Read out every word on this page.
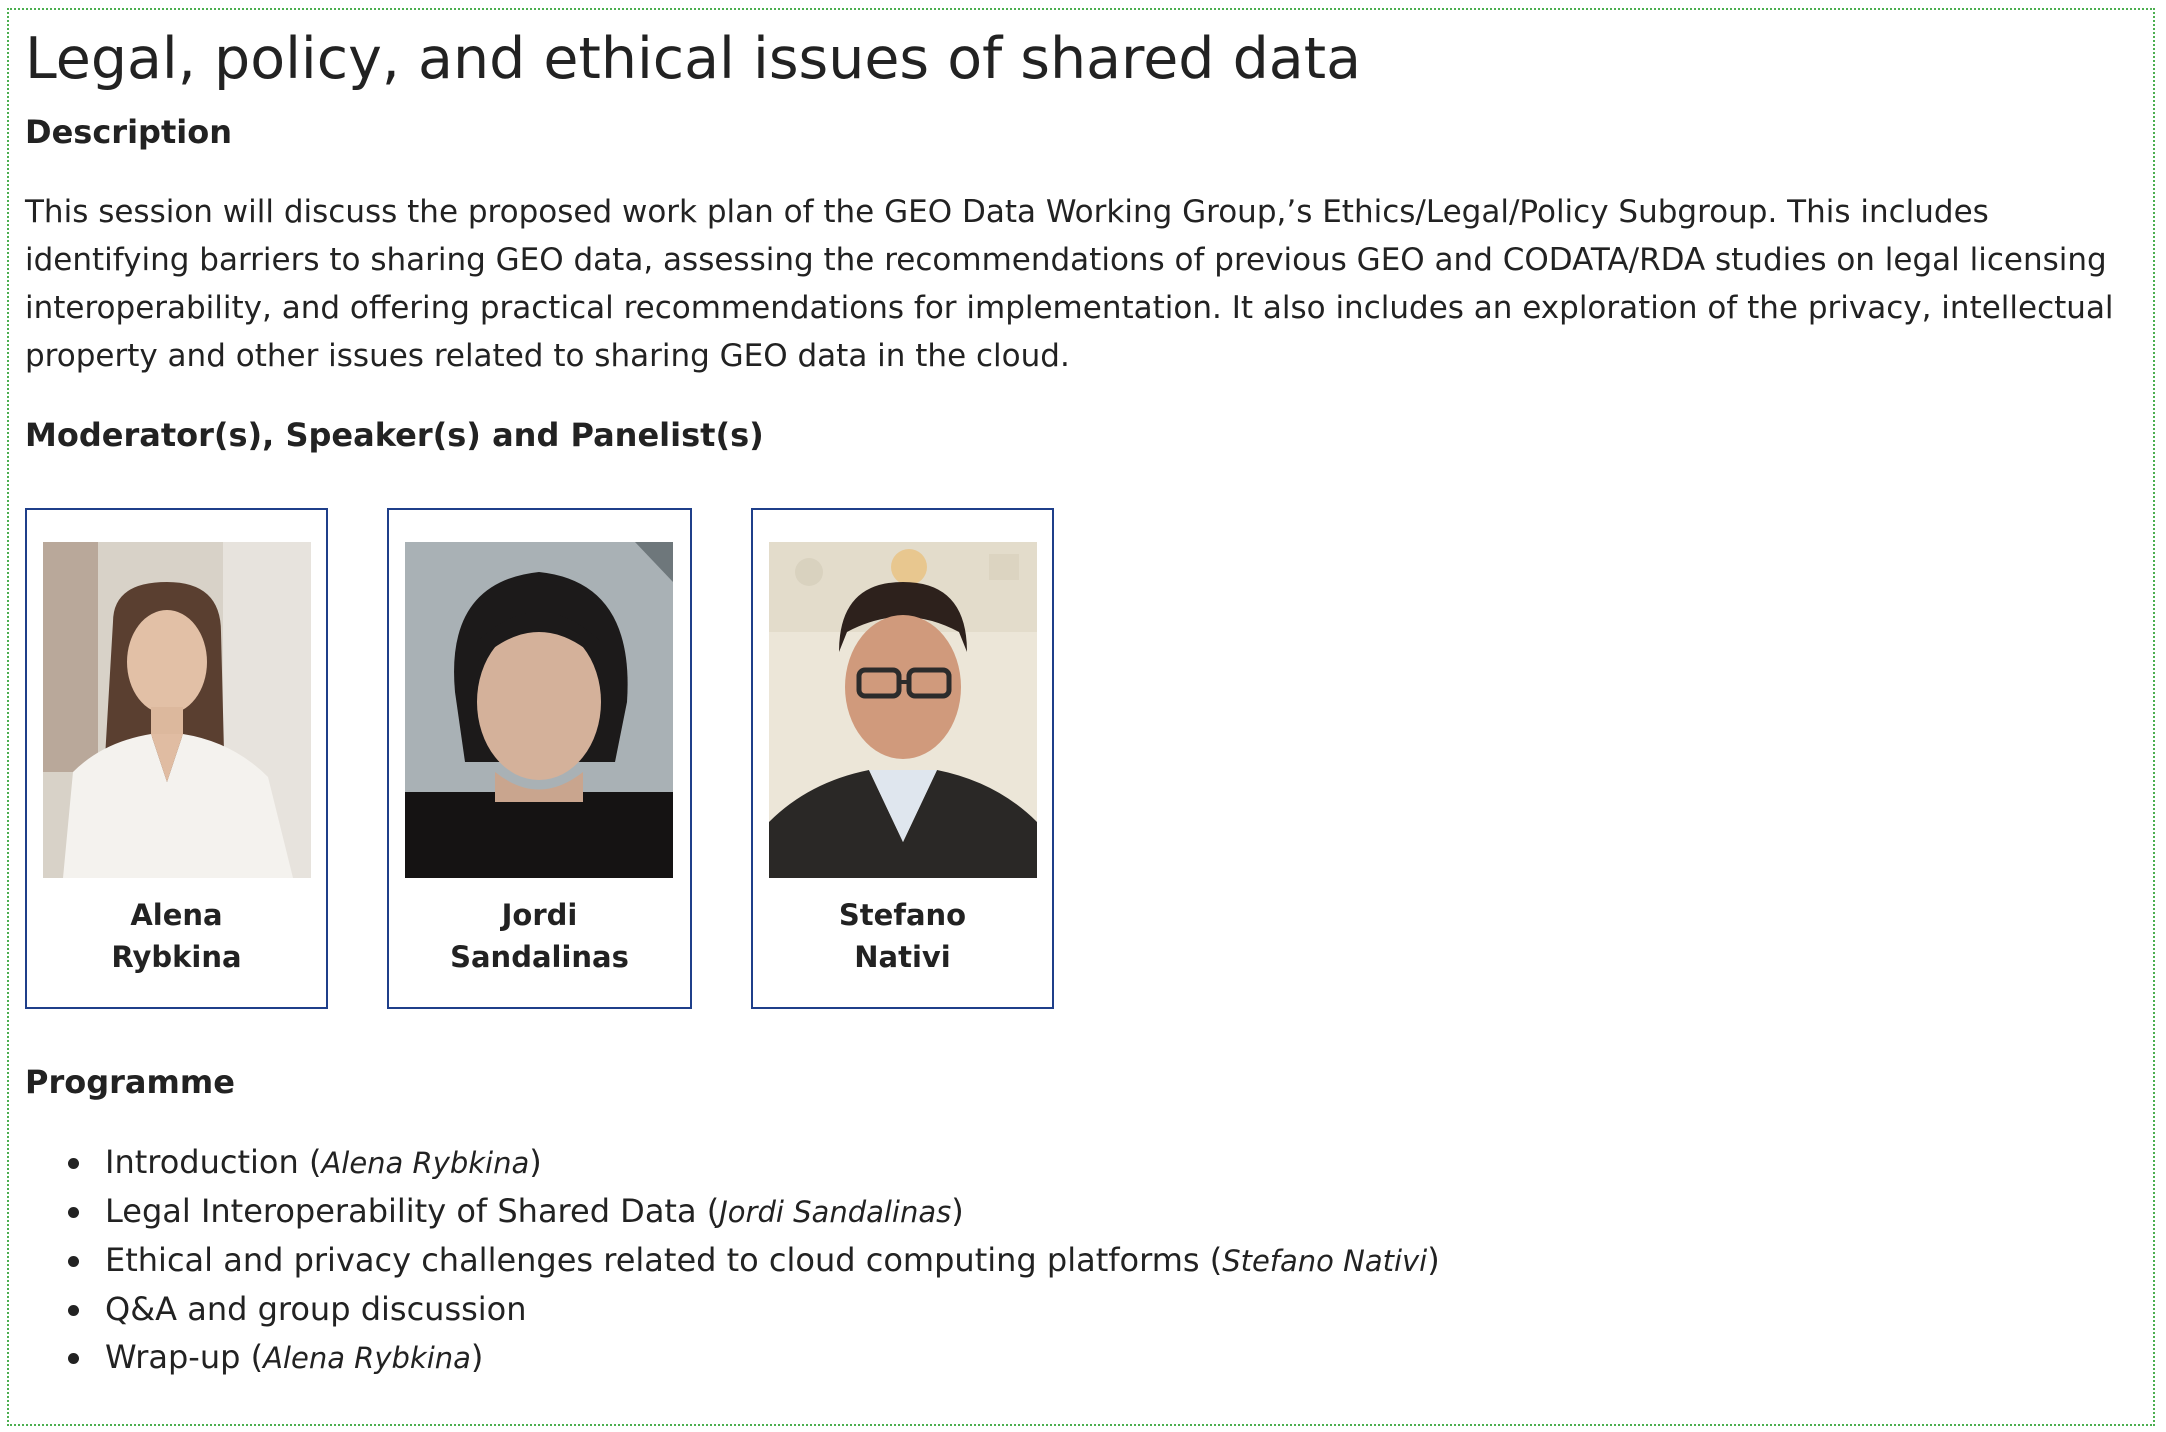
Legal, policy, and ethical issues of shared data
Description

This session will discuss the proposed work plan of the GEO Data Working Group,’s Ethics/Legal/Policy Subgroup. This includes identifying barriers to sharing GEO data, assessing the recommendations of previous GEO and CODATA/RDA studies on legal licensing interoperability, and offering practical recommendations for implementation. It also includes an exploration of the privacy, intellectual property and other issues related to sharing GEO data in the cloud.

Moderator(s), Speaker(s) and Panelist(s)
Alena
Rybkina
Jordi
Sandalinas
Stefano
Nativi
Programme
Introduction (Alena Rybkina)
Legal Interoperability of Shared Data (Jordi Sandalinas)
Ethical and privacy challenges related to cloud computing platforms (Stefano Nativi)
Q&A and group discussion
Wrap-up (Alena Rybkina)
